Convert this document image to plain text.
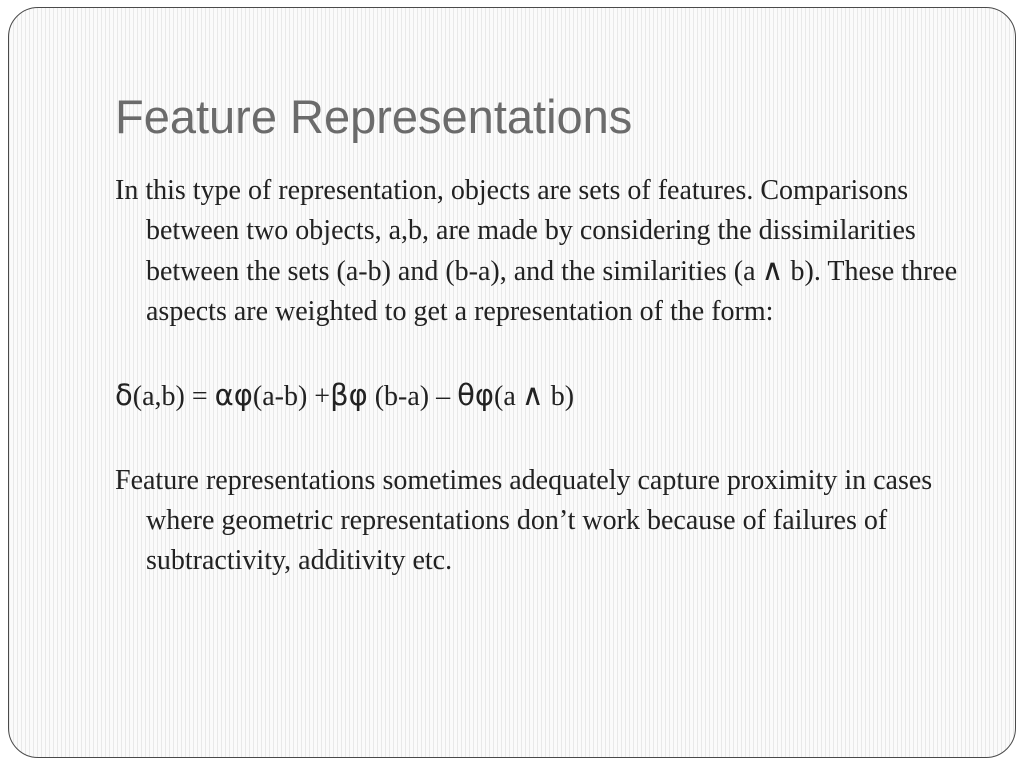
Feature Representations

In this type of representation, objects are sets of features. Comparisons between two objects, a,b, are made by considering the dissimilarities between the sets (a-b) and (b-a), and the similarities (a ∧ b). These three aspects are weighted to get a representation of the form:

δ(a,b) = αφ(a-b) +βφ (b-a) – θφ(a ∧ b)

Feature representations sometimes adequately capture proximity in cases where geometric representations don’t work because of failures of subtractivity, additivity etc.
